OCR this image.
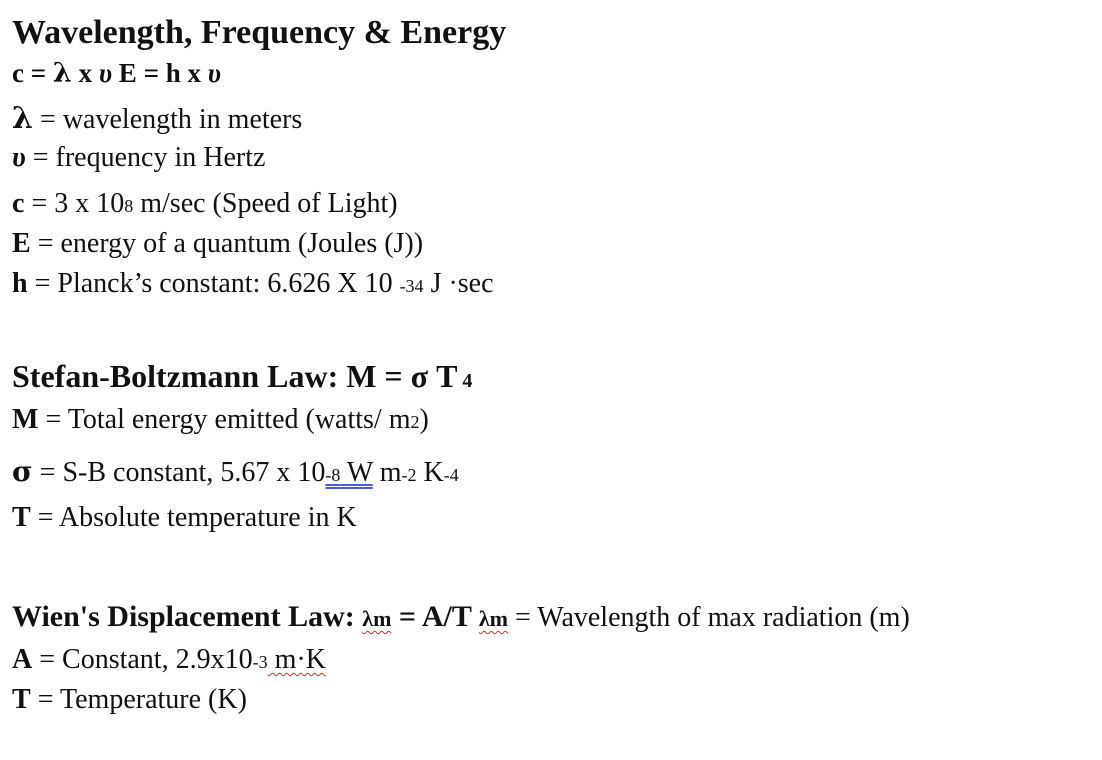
Wavelength, Frequency & Energy
c = λ x υ E = h x υ
λ = wavelength in meters
υ = frequency in Hertz
c = 3 x 108 m/sec (Speed of Light)
E = energy of a quantum (Joules (J))
h = Planck’s constant: 6.626 X 10 -34 J ·sec
Stefan-Boltzmann Law: M = σ T 4
M = Total energy emitted (watts/ m2)
σ = S-B constant, 5.67 x 10-8 W m-2 K-4
T = Absolute temperature in K
Wien's Displacement Law: λm = A/T λm = Wavelength of max radiation (m)
A = Constant, 2.9x10-3 m·K
T = Temperature (K)
